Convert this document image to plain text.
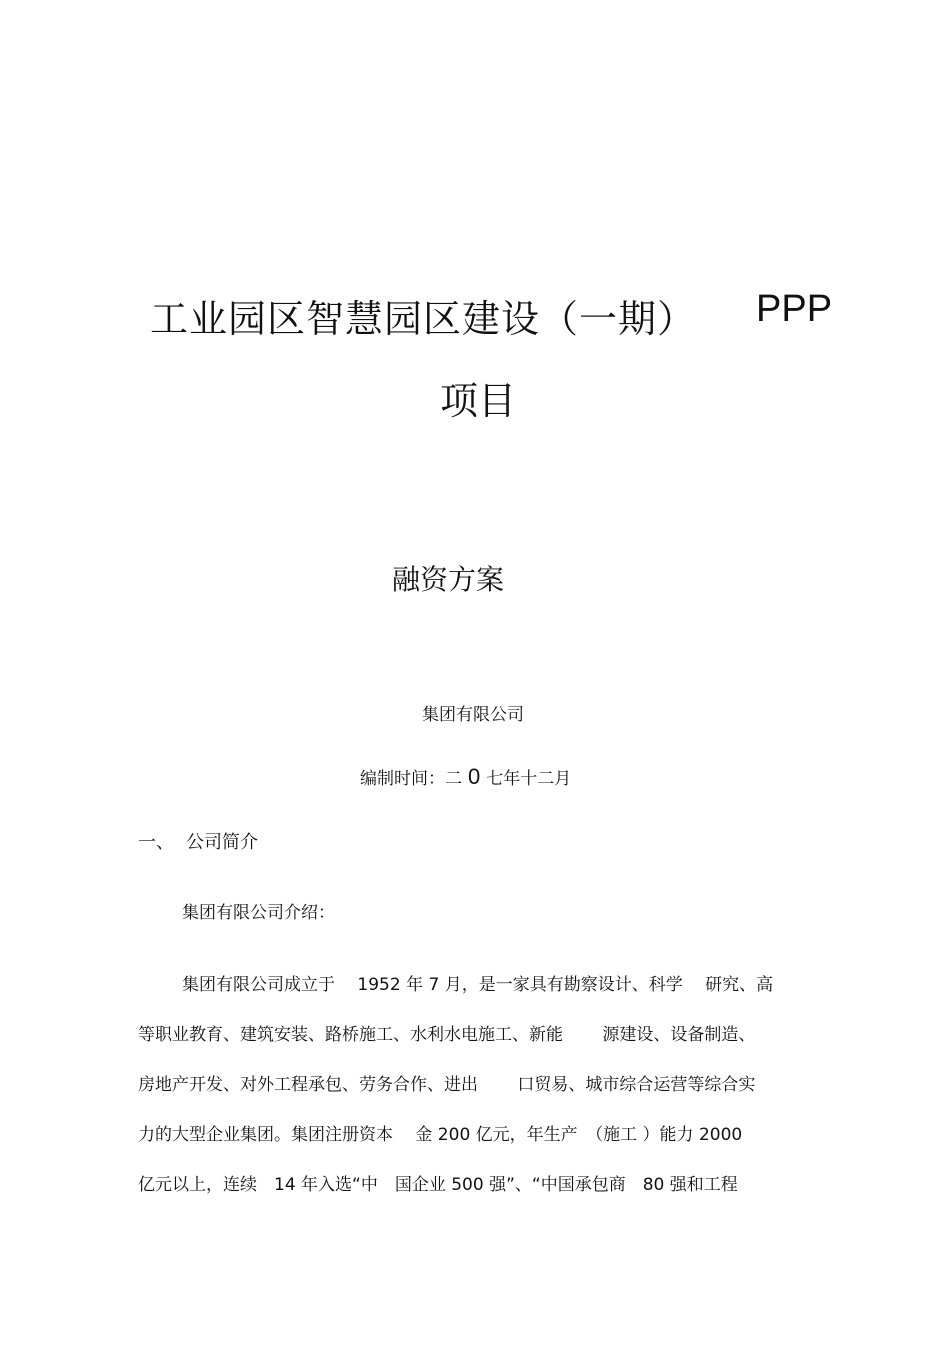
工业园区智慧园区建设（一期） PPP
项目
融资方案
集团有限公司
编制时间：二 0 七年十二月
一、 公司简介
集团有限公司介绍：
集团有限公司成立于　 1952 年 7 月，是一家具有勘察设计、科学　 研究、高
等职业教育、建筑安装、路桥施工、水利水电施工、新能　　 源建设、设备制造、
房地产开发、对外工程承包、劳务合作、进出　　 口贸易、城市综合运营等综合实
力的大型企业集团。集团注册资本　 金 200 亿元，年生产　（施工 ）能力 2000
亿元以上，连续　14 年入选“中　国企业 500 强”、“中国承包商　80 强和工程
